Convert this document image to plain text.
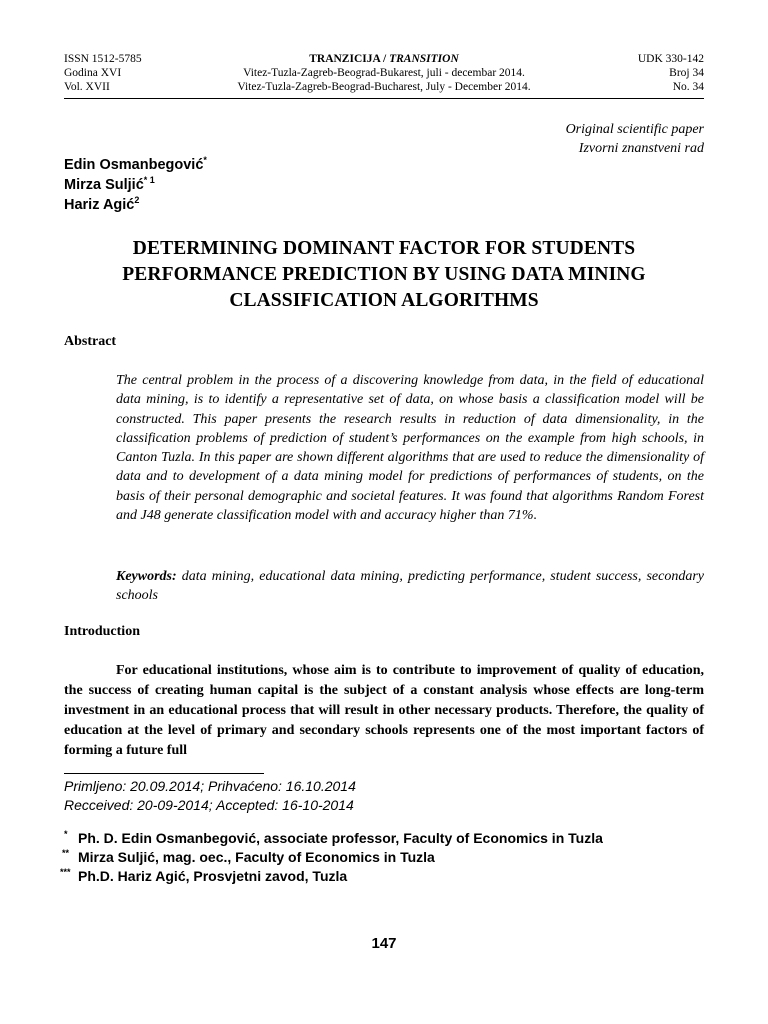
ISSN 1512-5785	TRANZICIJA / TRANSITION	UDK 330-142
Godina XVI	Vitez-Tuzla-Zagreb-Beograd-Bukarest, juli - decembar 2014.	Broj 34
Vol. XVII	Vitez-Tuzla-Zagreb-Beograd-Bucharest, July - December 2014.	No. 34
Original scientific paper
Izvorni znanstveni rad
Edin Osmanbegović*
Mirza Suljić$^{* 1}$
Hariz Agić$^2$
DETERMINING DOMINANT FACTOR FOR STUDENTS
PERFORMANCE PREDICTION BY USING DATA MINING
CLASSIFICATION ALGORITHMS
Abstract
The central problem in the process of a discovering knowledge from data, in the field of educational data mining, is to identify a representative set of data, on whose basis a classification model will be constructed. This paper presents the research results in reduction of data dimensionality, in the classification problems of prediction of student’s performances on the example from high schools, in Canton Tuzla. In this paper are shown different algorithms that are used to reduce the dimensionality of data and to development of a data mining model for predictions of performances of students, on the basis of their personal demographic and societal features. It was found that algorithms Random Forest and J48 generate classification model with and accuracy higher than 71%.
Keywords: data mining, educational data mining, predicting performance, student success, secondary schools
Introduction
For educational institutions, whose aim is to contribute to improvement of quality of education, the success of creating human capital is the subject of a constant analysis whose effects are long-term investment in an educational process that will result in other necessary products. Therefore, the quality of education at the level of primary and secondary schools represents one of the most important factors of forming a future full
Primljeno: 20.09.2014; Prihvaćeno: 16.10.2014
Recceived: 20-09-2014; Accepted: 16-10-2014
* Ph. D. Edin Osmanbegović, associate professor, Faculty of Economics in Tuzla
** Mirza Suljić, mag. oec., Faculty of Economics in Tuzla
*** Ph.D. Hariz Agić, Prosvjetni zavod, Tuzla
147
